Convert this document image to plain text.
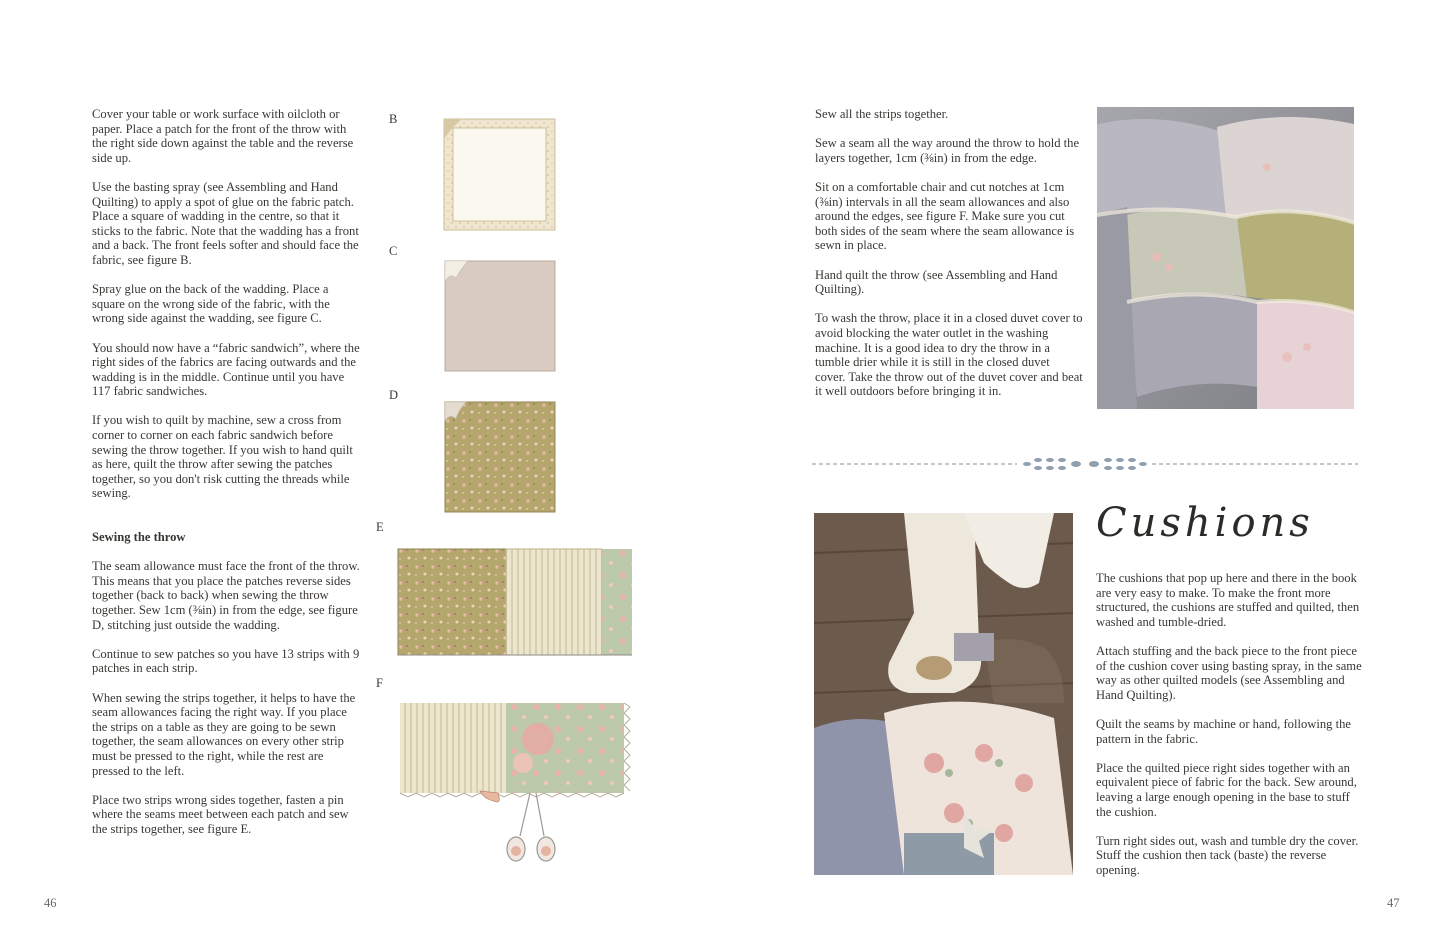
Cover your table or work surface with oilcloth or paper. Place a patch for the front of the throw with the right side down against the table and the reverse side up.

Use the basting spray (see Assembling and Hand Quilting) to apply a spot of glue on the fabric patch. Place a square of wadding in the centre, so that it sticks to the fabric. Note that the wadding has a front and a back. The front feels softer and should face the fabric, see figure B.

Spray glue on the back of the wadding. Place a square on the wrong side of the fabric, with the wrong side against the wadding, see figure C.

You should now have a “fabric sandwich”, where the right sides of the fabrics are facing outwards and the wadding is in the middle. Continue until you have 117 fabric sandwiches.

If you wish to quilt by machine, sew a cross from corner to corner on each fabric sandwich before sewing the throw together. If you wish to hand quilt as here, quilt the throw after sewing the patches together, so you don't risk cutting the threads while sewing.

Sewing the throw

The seam allowance must face the front of the throw. This means that you place the patches reverse sides together (back to back) when sewing the throw together. Sew 1cm (⅜in) in from the edge, see figure D, stitching just outside the wadding.

Continue to sew patches so you have 13 strips with 9 patches in each strip.

When sewing the strips together, it helps to have the seam allowances facing the right way. If you place the strips on a table as they are going to be sewn together, the seam allowances on every other strip must be pressed to the right, while the rest are pressed to the left.

Place two strips wrong sides together, fasten a pin where the seams meet between each patch and sew the strips together, see figure E.

B
C
D
E
F
46

Sew all the strips together.

Sew a seam all the way around the throw to hold the layers together, 1cm (⅜in) in from the edge.

Sit on a comfortable chair and cut notches at 1cm (⅜in) intervals in all the seam allowances and also around the edges, see figure F. Make sure you cut both sides of the seam where the seam allowance is sewn in place.

Hand quilt the throw (see Assembling and Hand Quilting).

To wash the throw, place it in a closed duvet cover to avoid blocking the water outlet in the washing machine. It is a good idea to dry the throw in a tumble drier while it is still in the closed duvet cover. Take the throw out of the duvet cover and beat it well outdoors before bringing it in.

Cushions

The cushions that pop up here and there in the book are very easy to make. To make the front more structured, the cushions are stuffed and quilted, then washed and tumble-dried.

Attach stuffing and the back piece to the front piece of the cushion cover using basting spray, in the same way as other quilted models (see Assembling and Hand Quilting).

Quilt the seams by machine or hand, following the pattern in the fabric.

Place the quilted piece right sides together with an equivalent piece of fabric for the back. Sew around, leaving a large enough opening in the base to stuff the cushion.

Turn right sides out, wash and tumble dry the cover. Stuff the cushion then tack (baste) the reverse opening.

47
